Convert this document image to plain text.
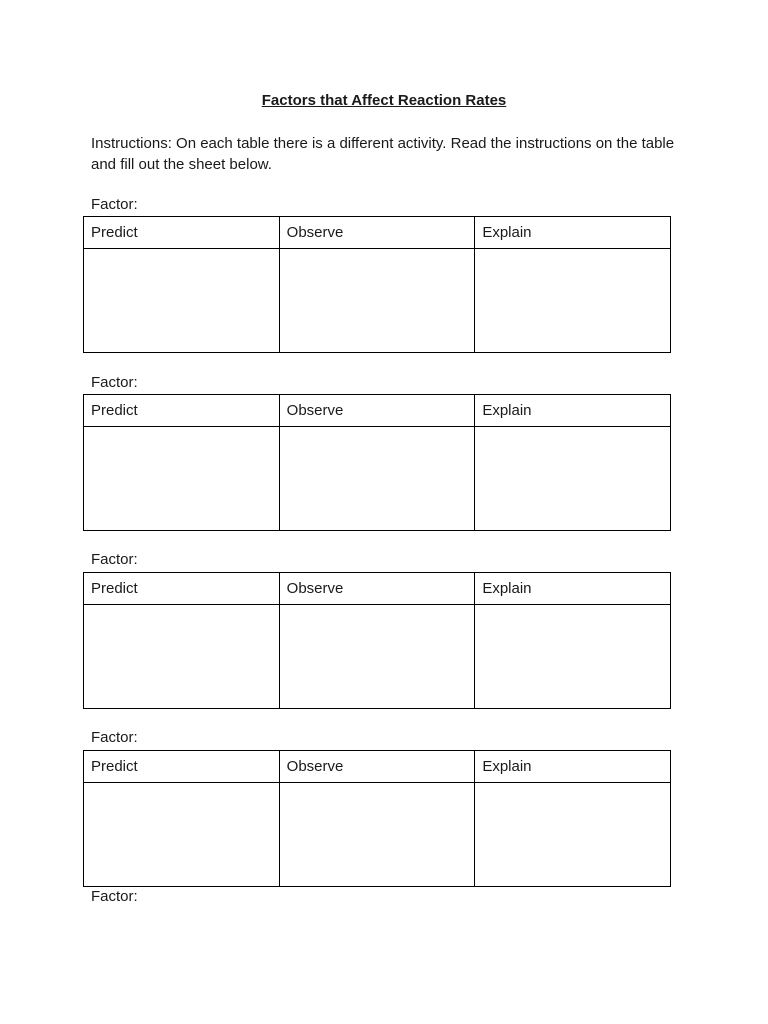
Factors that Affect Reaction Rates
Instructions: On each table there is a different activity. Read the instructions on the table and fill out the sheet below.
Factor:
Predict	Observe	Explain

Factor:
Predict	Observe	Explain

Factor:
Predict	Observe	Explain

Factor:
Predict	Observe	Explain

Factor:
